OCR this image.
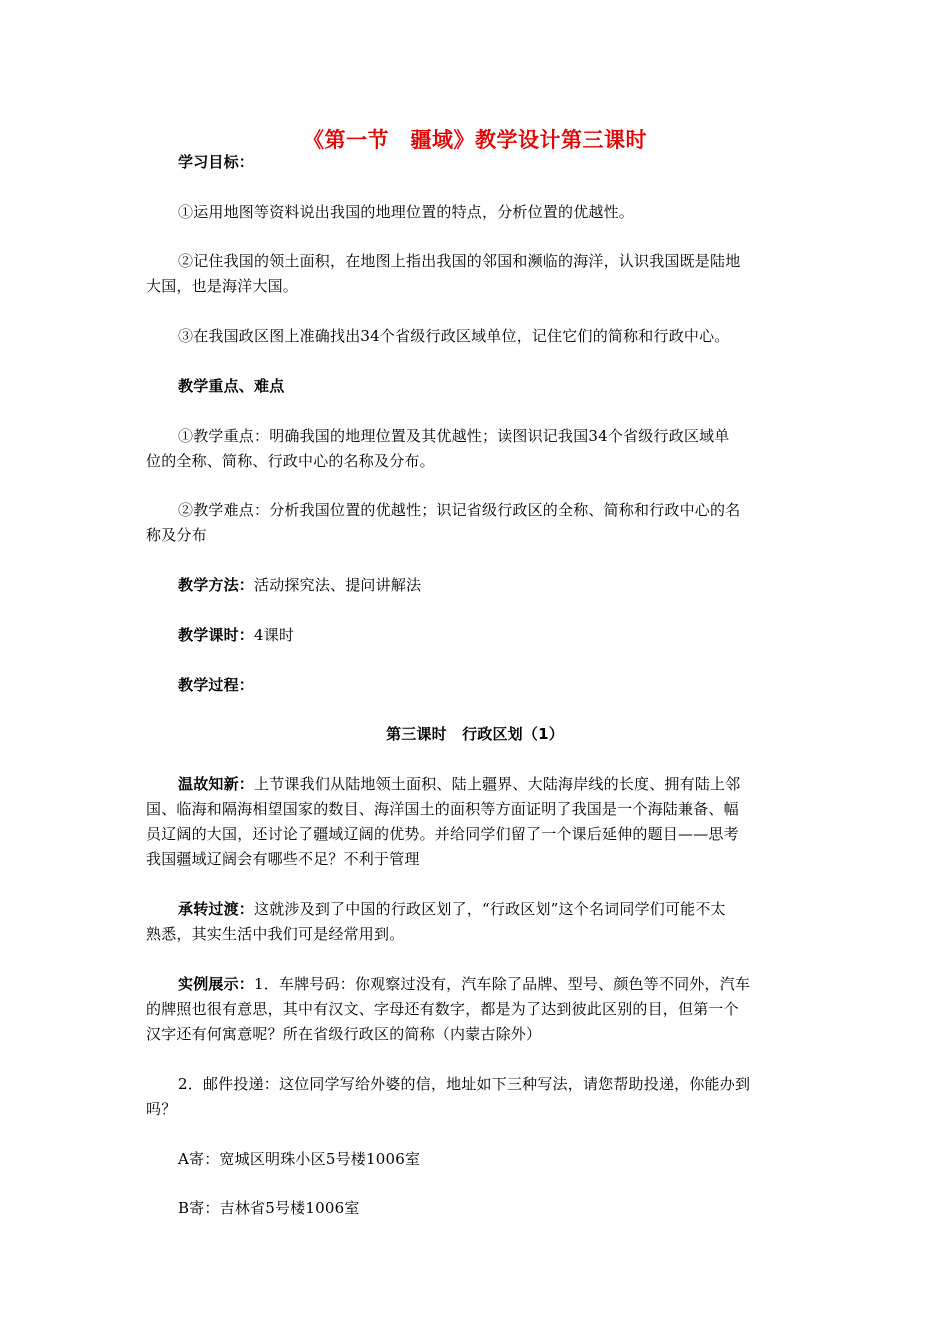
《第一节　疆域》教学设计第三课时
学习目标：
①运用地图等资料说出我国的地理位置的特点，分析位置的优越性。
②记住我国的领土面积，在地图上指出我国的邻国和濒临的海洋，认识我国既是陆地
大国，也是海洋大国。
③在我国政区图上准确找出34个省级行政区域单位，记住它们的简称和行政中心。
教学重点、难点
①教学重点：明确我国的地理位置及其优越性；读图识记我国34个省级行政区域单
位的全称、简称、行政中心的名称及分布。
②教学难点：分析我国位置的优越性；识记省级行政区的全称、简称和行政中心的名
称及分布
教学方法：活动探究法、提问讲解法
教学课时：4课时
教学过程：
第三课时　行政区划（1）
温故知新：上节课我们从陆地领土面积、陆上疆界、大陆海岸线的长度、拥有陆上邻
国、临海和隔海相望国家的数目、海洋国土的面积等方面证明了我国是一个海陆兼备、幅
员辽阔的大国，还讨论了疆域辽阔的优势。并给同学们留了一个课后延伸的题目——思考
我国疆域辽阔会有哪些不足？不利于管理
承转过渡：这就涉及到了中国的行政区划了，“行政区划”这个名词同学们可能不太
熟悉，其实生活中我们可是经常用到。
实例展示：1．车牌号码：你观察过没有，汽车除了品牌、型号、颜色等不同外，汽车
的牌照也很有意思，其中有汉文、字母还有数字，都是为了达到彼此区别的目，但第一个
汉字还有何寓意呢？所在省级行政区的简称（内蒙古除外）
2．邮件投递：这位同学写给外婆的信，地址如下三种写法，请您帮助投递，你能办到
吗？
A寄：宽城区明珠小区5号楼1006室
B寄：吉林省5号楼1006室
